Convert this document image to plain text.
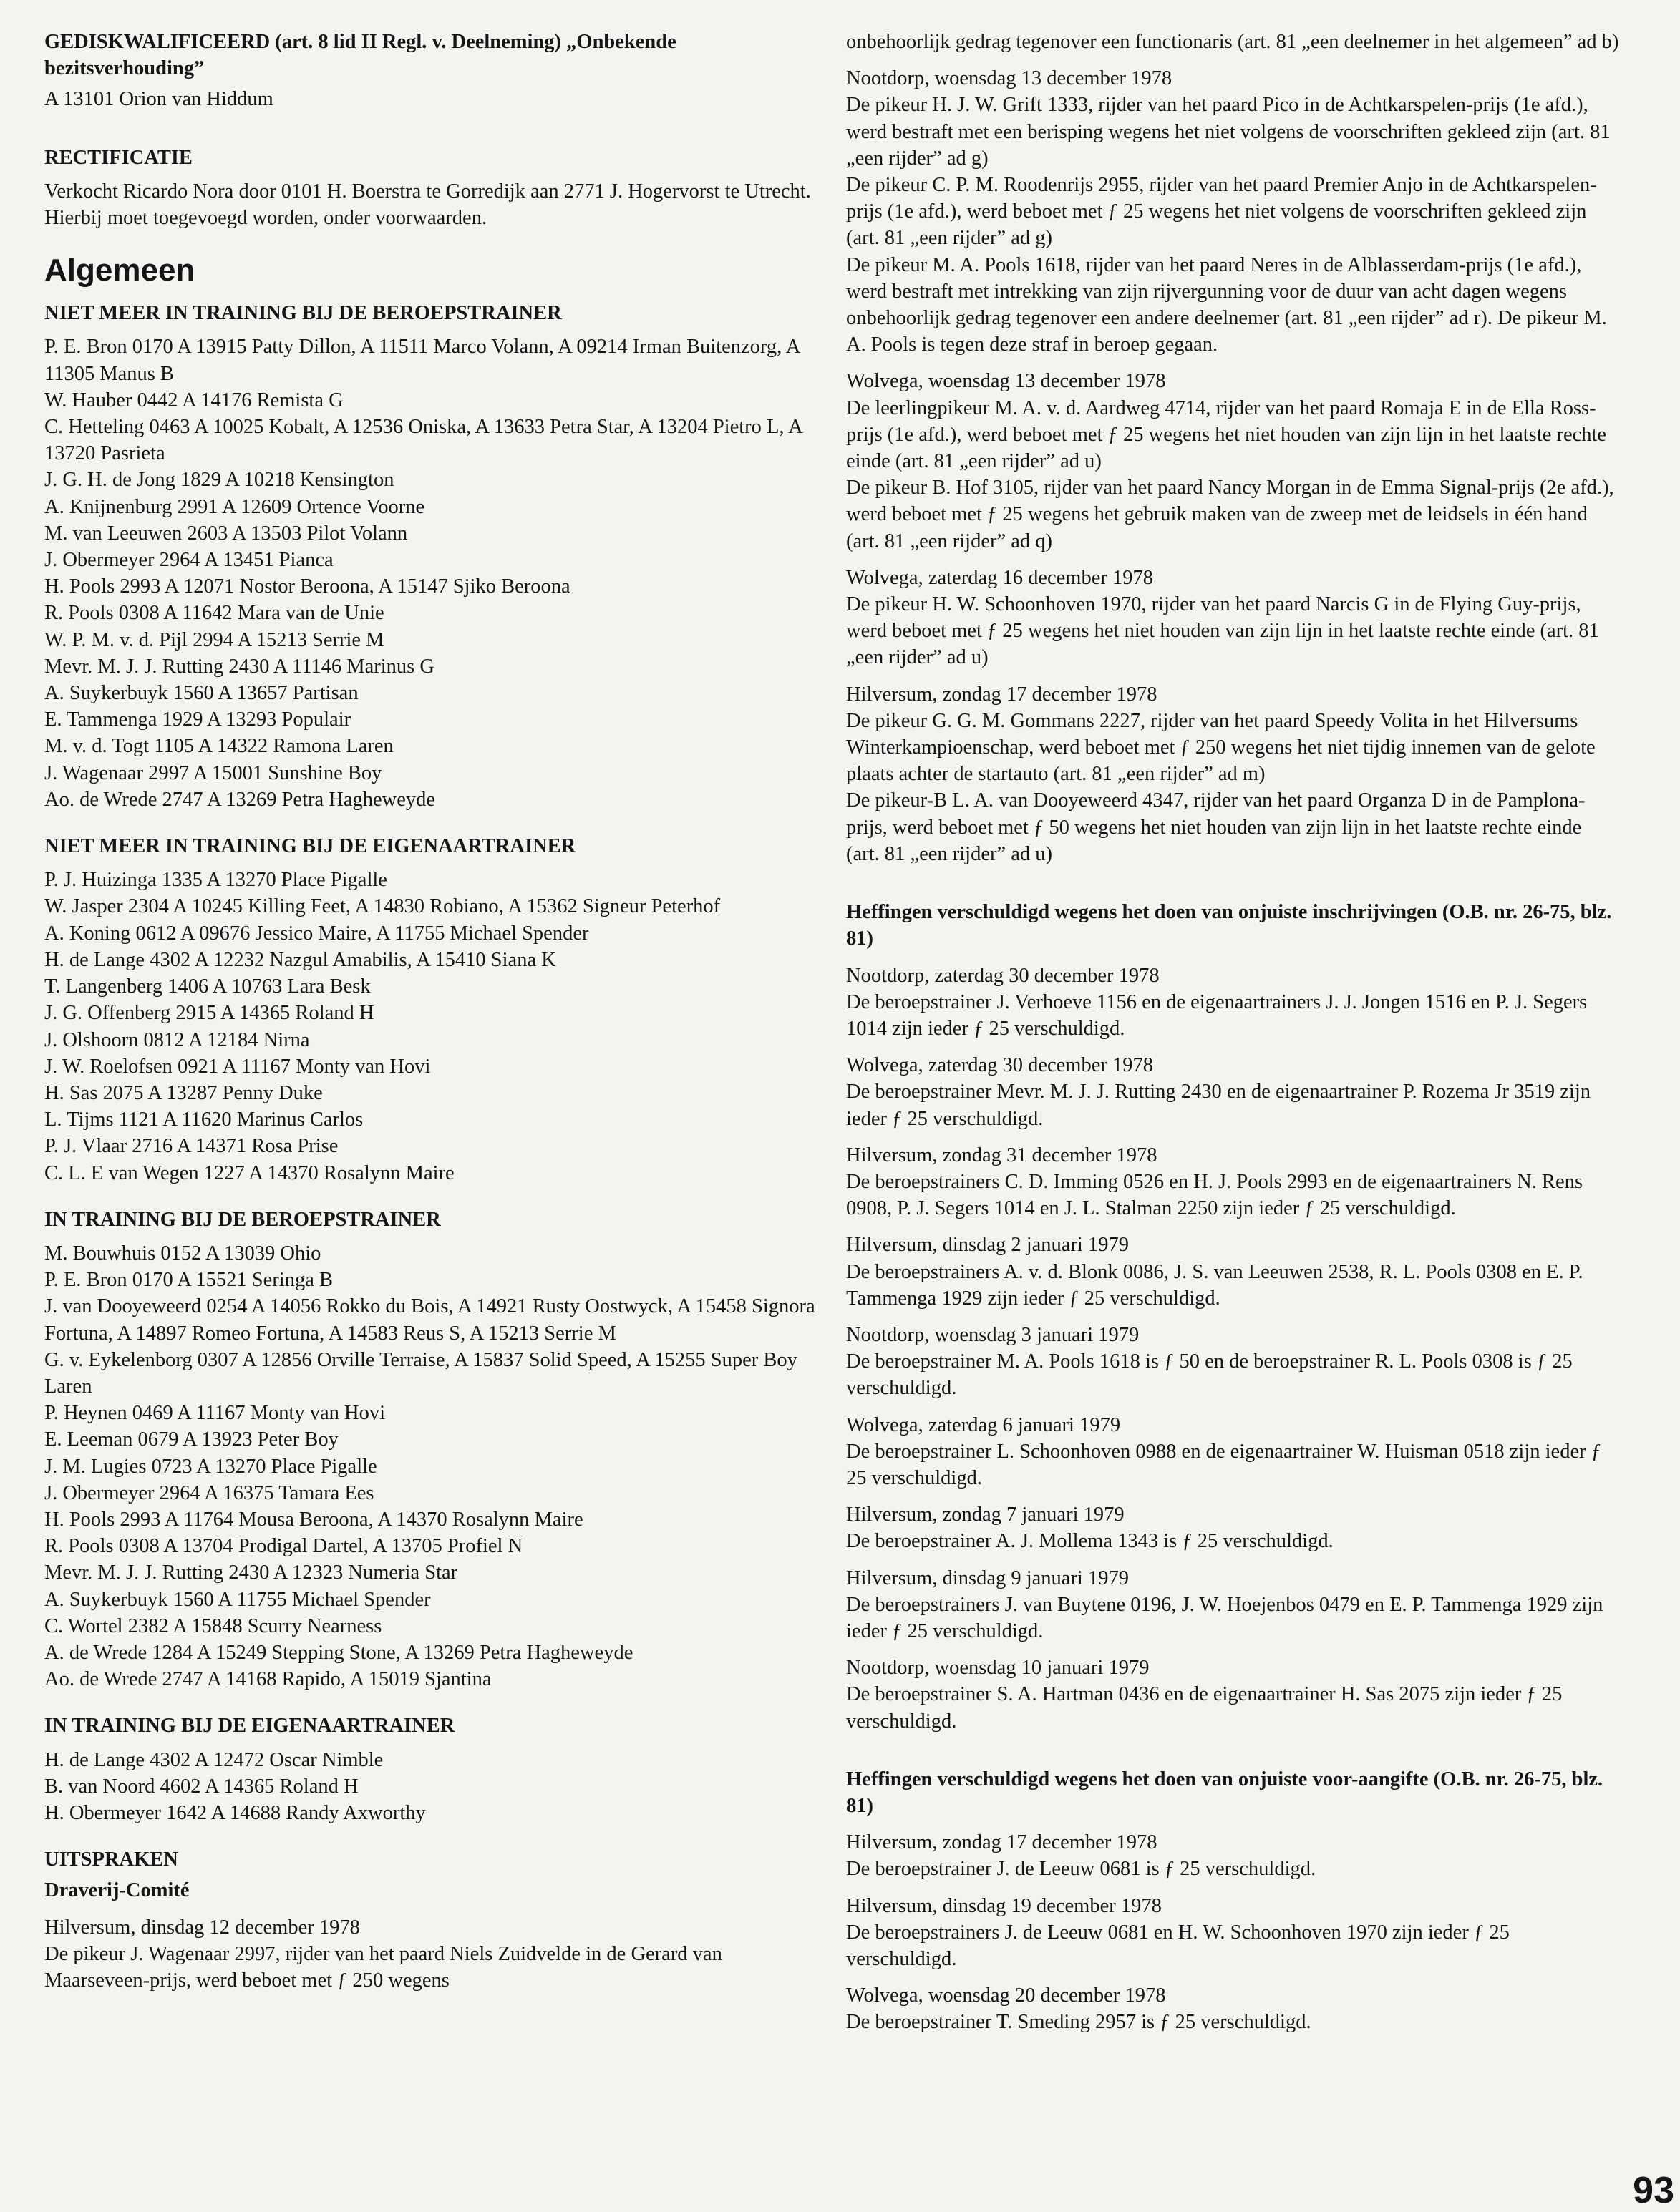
GEDISKWALIFICEERD (art. 8 lid II Regl. v. Deelneming) „Onbekende bezitsverhouding”

A 13101 Orion van Hiddum

RECTIFICATIE

Verkocht Ricardo Nora door 0101 H. Boerstra te Gorredijk aan 2771 J. Hogervorst te Utrecht. Hierbij moet toegevoegd worden, onder voorwaarden.

Algemeen

NIET MEER IN TRAINING BIJ DE BEROEPSTRAINER

P. E. Bron 0170 A 13915 Patty Dillon, A 11511 Marco Volann, A 09214 Irman Buitenzorg, A 11305 Manus B

W. Hauber 0442 A 14176 Remista G

C. Hetteling 0463 A 10025 Kobalt, A 12536 Oniska, A 13633 Petra Star, A 13204 Pietro L, A 13720 Pasrieta

J. G. H. de Jong 1829 A 10218 Kensington

A. Knijnenburg 2991 A 12609 Ortence Voorne

M. van Leeuwen 2603 A 13503 Pilot Volann

J. Obermeyer 2964 A 13451 Pianca

H. Pools 2993 A 12071 Nostor Beroona, A 15147 Sjiko Beroona

R. Pools 0308 A 11642 Mara van de Unie

W. P. M. v. d. Pijl 2994 A 15213 Serrie M

Mevr. M. J. J. Rutting 2430 A 11146 Marinus G

A. Suykerbuyk 1560 A 13657 Partisan

E. Tammenga 1929 A 13293 Populair

M. v. d. Togt 1105 A 14322 Ramona Laren

J. Wagenaar 2997 A 15001 Sunshine Boy

Ao. de Wrede 2747 A 13269 Petra Hagheweyde

NIET MEER IN TRAINING BIJ DE EIGENAARTRAINER

P. J. Huizinga 1335 A 13270 Place Pigalle

W. Jasper 2304 A 10245 Killing Feet, A 14830 Robiano, A 15362 Signeur Peterhof

A. Koning 0612 A 09676 Jessico Maire, A 11755 Michael Spender

H. de Lange 4302 A 12232 Nazgul Amabilis, A 15410 Siana K

T. Langenberg 1406 A 10763 Lara Besk

J. G. Offenberg 2915 A 14365 Roland H

J. Olshoorn 0812 A 12184 Nirna

J. W. Roelofsen 0921 A 11167 Monty van Hovi

H. Sas 2075 A 13287 Penny Duke

L. Tijms 1121 A 11620 Marinus Carlos

P. J. Vlaar 2716 A 14371 Rosa Prise

C. L. E van Wegen 1227 A 14370 Rosalynn Maire

IN TRAINING BIJ DE BEROEPSTRAINER

M. Bouwhuis 0152 A 13039 Ohio

P. E. Bron 0170 A 15521 Seringa B

J. van Dooyeweerd 0254 A 14056 Rokko du Bois, A 14921 Rusty Oostwyck, A 15458 Signora Fortuna, A 14897 Romeo Fortuna, A 14583 Reus S, A 15213 Serrie M

G. v. Eykelenborg 0307 A 12856 Orville Terraise, A 15837 Solid Speed, A 15255 Super Boy Laren

P. Heynen 0469 A 11167 Monty van Hovi

E. Leeman 0679 A 13923 Peter Boy

J. M. Lugies 0723 A 13270 Place Pigalle

J. Obermeyer 2964 A 16375 Tamara Ees

H. Pools 2993 A 11764 Mousa Beroona, A 14370 Rosalynn Maire

R. Pools 0308 A 13704 Prodigal Dartel, A 13705 Profiel N

Mevr. M. J. J. Rutting 2430 A 12323 Numeria Star

A. Suykerbuyk 1560 A 11755 Michael Spender

C. Wortel 2382 A 15848 Scurry Nearness

A. de Wrede 1284 A 15249 Stepping Stone, A 13269 Petra Hagheweyde

Ao. de Wrede 2747 A 14168 Rapido, A 15019 Sjantina

IN TRAINING BIJ DE EIGENAARTRAINER

H. de Lange 4302 A 12472 Oscar Nimble

B. van Noord 4602 A 14365 Roland H

H. Obermeyer 1642 A 14688 Randy Axworthy

UITSPRAKEN

Draverij-Comité

Hilversum, dinsdag 12 december 1978

De pikeur J. Wagenaar 2997, rijder van het paard Niels Zuidvelde in de Gerard van Maarseveen-prijs, werd beboet met ƒ 250 wegens

onbehoorlijk gedrag tegenover een functionaris (art. 81 „een deelnemer in het algemeen” ad b)

Nootdorp, woensdag 13 december 1978

De pikeur H. J. W. Grift 1333, rijder van het paard Pico in de Achtkarspelen-prijs (1e afd.), werd bestraft met een berisping wegens het niet volgens de voorschriften gekleed zijn (art. 81 „een rijder” ad g)

De pikeur C. P. M. Roodenrijs 2955, rijder van het paard Premier Anjo in de Achtkarspelen-prijs (1e afd.), werd beboet met ƒ 25 wegens het niet volgens de voorschriften gekleed zijn (art. 81 „een rijder” ad g)

De pikeur M. A. Pools 1618, rijder van het paard Neres in de Alblasserdam-prijs (1e afd.), werd bestraft met intrekking van zijn rijvergunning voor de duur van acht dagen wegens onbehoorlijk gedrag tegenover een andere deelnemer (art. 81 „een rijder” ad r). De pikeur M. A. Pools is tegen deze straf in beroep gegaan.

Wolvega, woensdag 13 december 1978

De leerlingpikeur M. A. v. d. Aardweg 4714, rijder van het paard Romaja E in de Ella Ross-prijs (1e afd.), werd beboet met ƒ 25 wegens het niet houden van zijn lijn in het laatste rechte einde (art. 81 „een rijder” ad u)

De pikeur B. Hof 3105, rijder van het paard Nancy Morgan in de Emma Signal-prijs (2e afd.), werd beboet met ƒ 25 wegens het gebruik maken van de zweep met de leidsels in één hand (art. 81 „een rijder” ad q)

Wolvega, zaterdag 16 december 1978

De pikeur H. W. Schoonhoven 1970, rijder van het paard Narcis G in de Flying Guy-prijs, werd beboet met ƒ 25 wegens het niet houden van zijn lijn in het laatste rechte einde (art. 81 „een rijder” ad u)

Hilversum, zondag 17 december 1978

De pikeur G. G. M. Gommans 2227, rijder van het paard Speedy Volita in het Hilversums Winterkampioenschap, werd beboet met ƒ 250 wegens het niet tijdig innemen van de gelote plaats achter de startauto (art. 81 „een rijder” ad m)

De pikeur-B L. A. van Dooyeweerd 4347, rijder van het paard Organza D in de Pamplona-prijs, werd beboet met ƒ 50 wegens het niet houden van zijn lijn in het laatste rechte einde (art. 81 „een rijder” ad u)

Heffingen verschuldigd wegens het doen van onjuiste inschrijvingen (O.B. nr. 26-75, blz. 81)

Nootdorp, zaterdag 30 december 1978

De beroepstrainer J. Verhoeve 1156 en de eigenaartrainers J. J. Jongen 1516 en P. J. Segers 1014 zijn ieder ƒ 25 verschuldigd.

Wolvega, zaterdag 30 december 1978

De beroepstrainer Mevr. M. J. J. Rutting 2430 en de eigenaartrainer P. Rozema Jr 3519 zijn ieder ƒ 25 verschuldigd.

Hilversum, zondag 31 december 1978

De beroepstrainers C. D. Imming 0526 en H. J. Pools 2993 en de eigenaartrainers N. Rens 0908, P. J. Segers 1014 en J. L. Stalman 2250 zijn ieder ƒ 25 verschuldigd.

Hilversum, dinsdag 2 januari 1979

De beroepstrainers A. v. d. Blonk 0086, J. S. van Leeuwen 2538, R. L. Pools 0308 en E. P. Tammenga 1929 zijn ieder ƒ 25 verschuldigd.

Nootdorp, woensdag 3 januari 1979

De beroepstrainer M. A. Pools 1618 is ƒ 50 en de beroepstrainer R. L. Pools 0308 is ƒ 25 verschuldigd.

Wolvega, zaterdag 6 januari 1979

De beroepstrainer L. Schoonhoven 0988 en de eigenaartrainer W. Huisman 0518 zijn ieder ƒ 25 verschuldigd.

Hilversum, zondag 7 januari 1979

De beroepstrainer A. J. Mollema 1343 is ƒ 25 verschuldigd.

Hilversum, dinsdag 9 januari 1979

De beroepstrainers J. van Buytene 0196, J. W. Hoejenbos 0479 en E. P. Tammenga 1929 zijn ieder ƒ 25 verschuldigd.

Nootdorp, woensdag 10 januari 1979

De beroepstrainer S. A. Hartman 0436 en de eigenaartrainer H. Sas 2075 zijn ieder ƒ 25 verschuldigd.

Heffingen verschuldigd wegens het doen van onjuiste voor-aangifte (O.B. nr. 26-75, blz. 81)

Hilversum, zondag 17 december 1978

De beroepstrainer J. de Leeuw 0681 is ƒ 25 verschuldigd.

Hilversum, dinsdag 19 december 1978

De beroepstrainers J. de Leeuw 0681 en H. W. Schoonhoven 1970 zijn ieder ƒ 25 verschuldigd.

Wolvega, woensdag 20 december 1978

De beroepstrainer T. Smeding 2957 is ƒ 25 verschuldigd.

93
